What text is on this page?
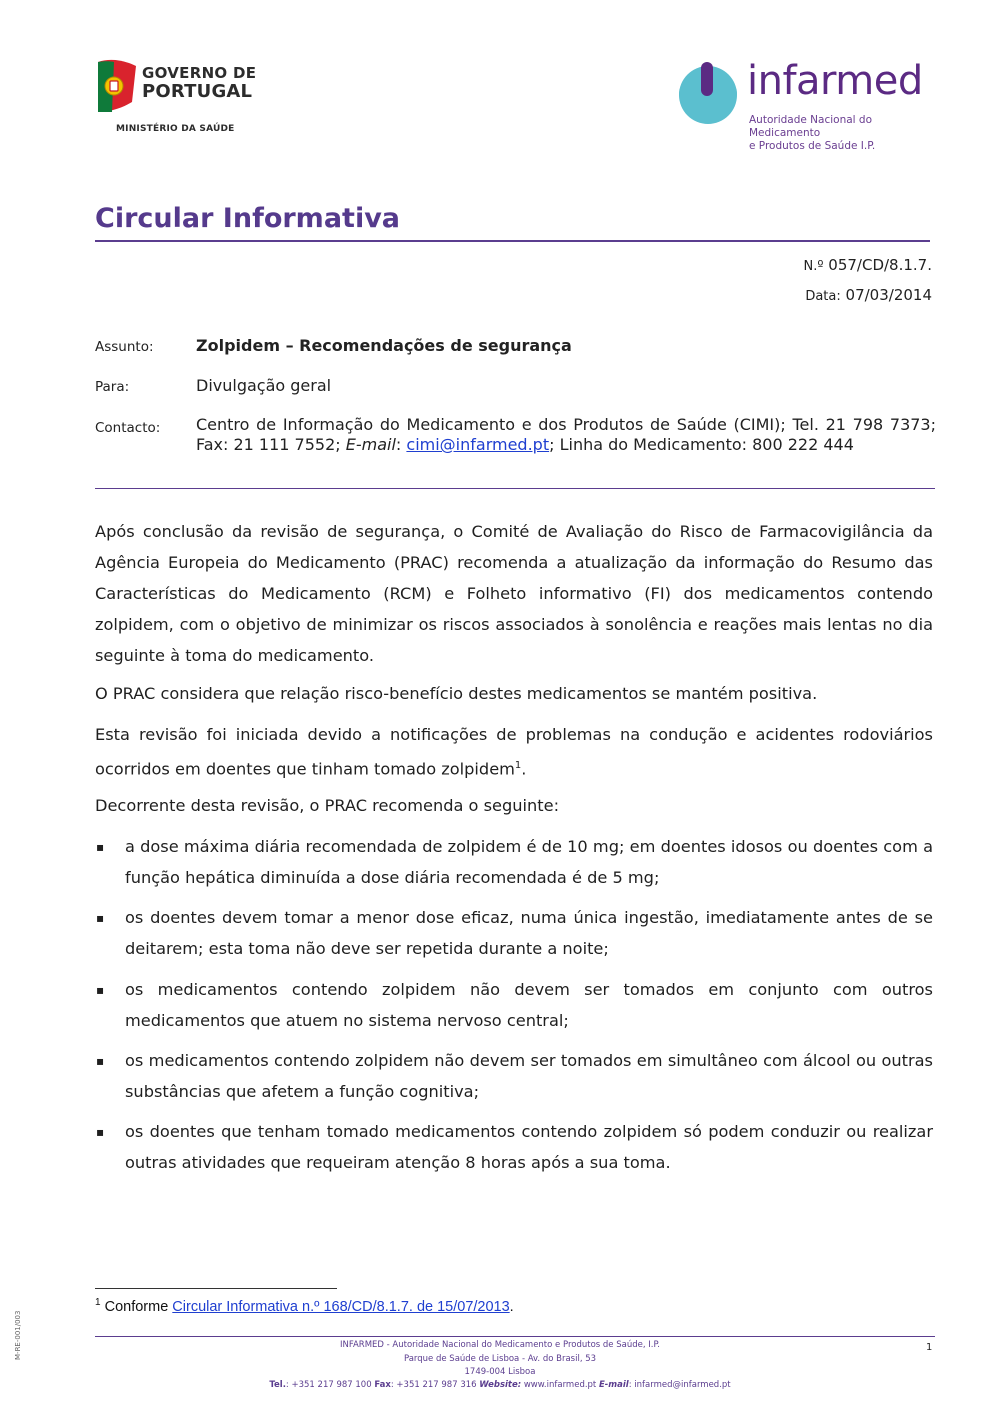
GOVERNO DE
PORTUGAL
MINISTÉRIO DA SAÚDE
infarmed
Autoridade Nacional do Medicamento
e Produtos de Saúde I.P.
Circular Informativa
N.º 057/CD/8.1.7.
Data: 07/03/2014
Assunto:	Zolpidem – Recomendações de segurança
Para:	Divulgação geral
Contacto: Centro de Informação do Medicamento e dos Produtos de Saúde (CIMI); Tel. 21 798 7373; Fax: 21 111 7552; E-mail: cimi@infarmed.pt; Linha do Medicamento: 800 222 444
Após conclusão da revisão de segurança, o Comité de Avaliação do Risco de Farmacovigilância da Agência Europeia do Medicamento (PRAC) recomenda a atualização da informação do Resumo das Características do Medicamento (RCM) e Folheto informativo (FI) dos medicamentos contendo zolpidem, com o objetivo de minimizar os riscos associados à sonolência e reações mais lentas no dia seguinte à toma do medicamento.
O PRAC considera que relação risco-benefício destes medicamentos se mantém positiva.
Esta revisão foi iniciada devido a notificações de problemas na condução e acidentes rodoviários ocorridos em doentes que tinham tomado zolpidem$^1$.
Decorrente desta revisão, o PRAC recomenda o seguinte:
▪ a dose máxima diária recomendada de zolpidem é de 10 mg; em doentes idosos ou doentes com a função hepática diminuída a dose diária recomendada é de 5 mg;
▪ os doentes devem tomar a menor dose eficaz, numa única ingestão, imediatamente antes de se deitarem; esta toma não deve ser repetida durante a noite;
▪ os medicamentos contendo zolpidem não devem ser tomados em conjunto com outros medicamentos que atuem no sistema nervoso central;
▪ os medicamentos contendo zolpidem não devem ser tomados em simultâneo com álcool ou outras substâncias que afetem a função cognitiva;
▪ os doentes que tenham tomado medicamentos contendo zolpidem só podem conduzir ou realizar outras atividades que requeiram atenção 8 horas após a sua toma.
$^1$ Conforme Circular Informativa n.º 168/CD/8.1.7. de 15/07/2013.
INFARMED - Autoridade Nacional do Medicamento e Produtos de Saúde, I.P.
Parque de Saúde de Lisboa - Av. do Brasil, 53
1749-004 Lisboa
Tel.: +351 217 987 100 Fax: +351 217 987 316 Website: www.infarmed.pt E-mail: infarmed@infarmed.pt
1
M-RE-001/003
